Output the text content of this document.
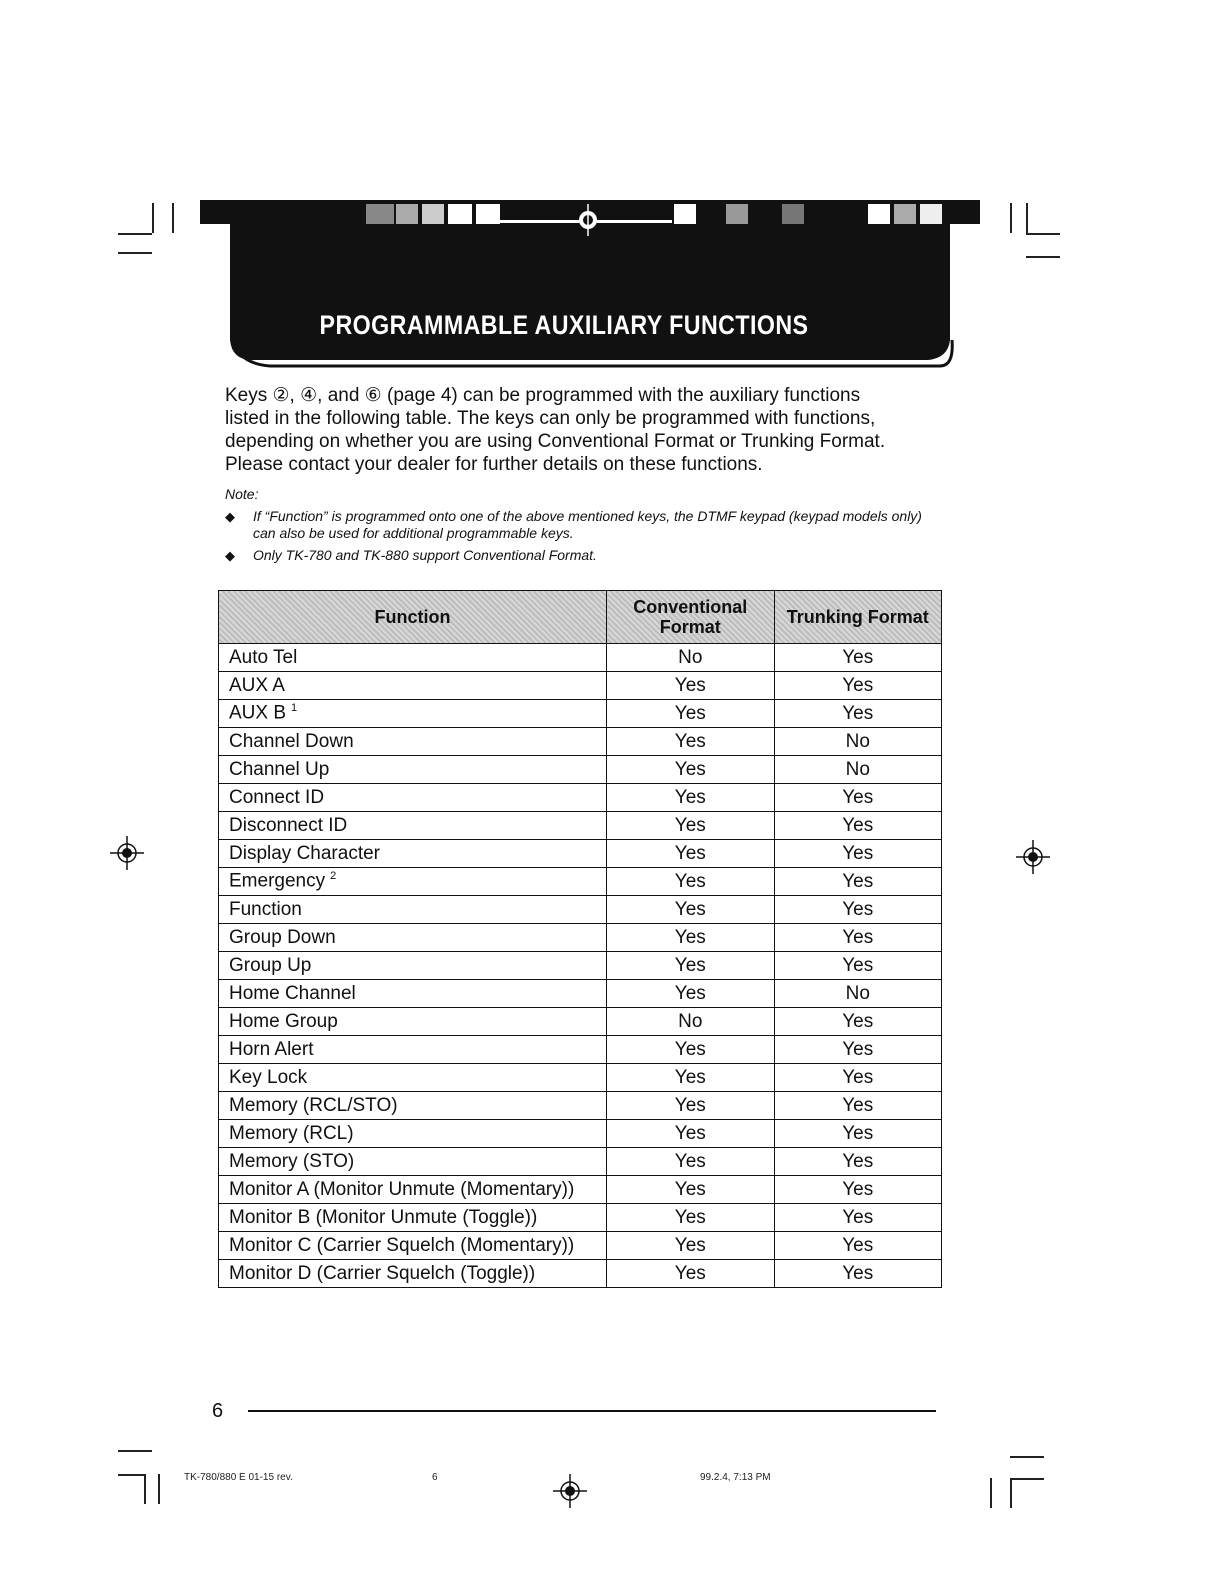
PROGRAMMABLE AUXILIARY FUNCTIONS

Keys ②, ④, and ⑥ (page 4) can be programmed with the auxiliary functions

listed in the following table. The keys can only be programmed with functions,

depending on whether you are using Conventional Format or Trunking Format.

Please contact your dealer for further details on these functions.

Note:
◆ If “Function” is programmed onto one of the above mentioned keys, the DTMF keypad (keypad models only) can also be used for additional programmable keys.
◆ Only TK-780 and TK-880 support Conventional Format.
Function	Conventional Format	Trunking Format
Auto Tel	No	Yes
AUX A	Yes	Yes
AUX B $^1$	Yes	Yes
Channel Down	Yes	No
Channel Up	Yes	No
Connect ID	Yes	Yes
Disconnect ID	Yes	Yes
Display Character	Yes	Yes
Emergency $^2$	Yes	Yes
Function	Yes	Yes
Group Down	Yes	Yes
Group Up	Yes	Yes
Home Channel	Yes	No
Home Group	No	Yes
Horn Alert	Yes	Yes
Key Lock	Yes	Yes
Memory (RCL/STO)	Yes	Yes
Memory (RCL)	Yes	Yes
Memory (STO)	Yes	Yes
Monitor A (Monitor Unmute (Momentary))	Yes	Yes
Monitor B (Monitor Unmute (Toggle))	Yes	Yes
Monitor C (Carrier Squelch (Momentary))	Yes	Yes
Monitor D (Carrier Squelch (Toggle))	Yes	Yes
6
TK-780/880 E 01-15 rev.	6	99.2.4, 7:13 PM
